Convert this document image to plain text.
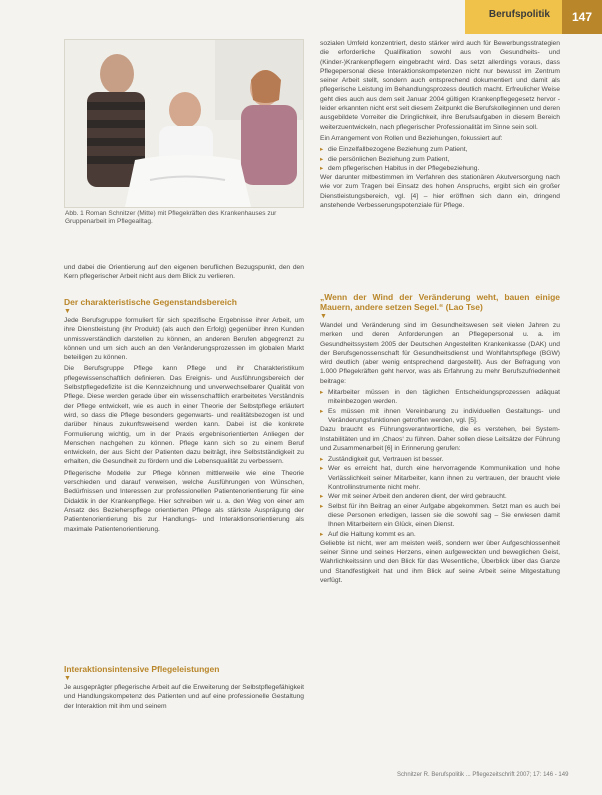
Berufspolitik	147
Abb. 1 Roman Schnitzer (Mitte) mit Pflegekräften des Krankenhauses zur Gruppenarbeit im Pflegealltag.

und dabei die Orientierung auf den eigenen beruflichen Bezugspunkt, den den Kern pflegerischer Arbeit nicht aus dem Blick zu verlieren.

Der charakteristische Gegenstandsbereich
▼

Jede Berufsgruppe formuliert für sich spezifische Ergebnisse ihrer Arbeit, um ihre Dienstleistung (ihr Produkt) (als auch den Erfolg) gegenüber ihren Kunden unmissverständlich darstellen zu können, an anderen Berufen abgegrenzt zu können und um sich auch an den Veränderungsprozessen im globalen Markt beteiligen zu können.

Die Berufsgruppe Pflege kann Pflege und ihr Charakteristikum pflegewissenschaftlich definieren. Das Ereignis- und Ausführungsbereich der Selbstpflegedefizite ist die Kennzeichnung und unverwechselbarer Qualität von Pflege. Diese werden gerade über ein wissenschaftlich erarbeitetes Verständnis der Pflege entwickelt, wie es auch in einer Theorie der Selbstpflege erläutert wird, so dass die Pflege besonders gegenwarts- und realitätsbezogen ist und darüber hinaus zukunftsweisend werden kann. Dabei ist die konkrete Formulierung wichtig, um in der Praxis ergebnisorientierten Anliegen der Menschen nachgehen zu können. Pflege kann sich so zu einem Beruf entwickeln, der aus Sicht der Patienten dazu beiträgt, ihre Selbstständigkeit zu erhalten, die Gesundheit zu fördern und die Lebensqualität zu verbessern.

Pflegerische Modelle zur Pflege können mittlerweile wie eine Theorie verschieden und darauf verweisen, welche Ausführungen von Wünschen, Bedürfnissen und Interessen zur professionellen Patientenorientierung für eine Didaktik in der Krankenpflege. Hier schreiben wir u. a. den Weg von einer am Ansatz des Bezieherspflege orientierten Pflege als stärkste Ausprägung der Patientenorientierung bis zur Handlungs- und Interaktionsorientierung als maximale Patientenorientierung.

Interaktionsintensive Pflegeleistungen
▼

Je ausgeprägter pflegerische Arbeit auf die Erweiterung der Selbstpflegefähigkeit und Handlungskompetenz des Patienten und auf eine professionelle Gestaltung der Interaktion mit ihm und seinem

sozialen Umfeld konzentriert, desto stärker wird auch für Bewerbungsstrategien die erforderliche Qualifikation sowohl aus von Gesundheits- und (Kinder-)Krankenpflegern eingebracht wird. Das setzt allerdings voraus, dass Pflegepersonal diese Interaktionskompetenzen nicht nur bewusst im Zentrum seiner Arbeit stellt, sondern auch entsprechend dokumentiert und damit als pflegerische Leistung im Behandlungsprozess deutlich macht. Erfreulicher Weise geht dies auch aus dem seit Januar 2004 gültigen Krankenpflegegesetz hervor - leider erkannten nicht erst seit diesem Zeitpunkt die Berufskolleginnen und deren ausgebildete Vorreiter die Dringlichkeit, ihre Berufsaufgaben in diesem Bereich weiterzuentwickeln, nach pflegerischer Professionalität im Sinne sein soll.

Ein Arrangement von Rollen und Beziehungen, fokussiert auf:

▸ die Einzelfallbezogene Beziehung zum Patient,
▸ die persönlichen Beziehung zum Patient,
▸ dem pflegerischen Habitus in der Pflegebeziehung.

Wer darunter mitbestimmen im Verfahren des stationären Akutversorgung nach wie vor zum Tragen bei Einsatz des hohen Anspruchs, ergibt sich ein großer Dienstleistungsbereich, vgl. [4] – hier eröffnen sich dann ein, dringend anstehende Verbesserungspotenziale für Pflege.

„Wenn der Wind der Veränderung weht, bauen einige Mauern, andere setzen Segel.“ (Lao Tse)
▼

Wandel und Veränderung sind im Gesundheitswesen seit vielen Jahren zu merken und deren Anforderungen an Pflegepersonal u. a. im Gesundheitssystem 2005 der Deutschen Angestellten Krankenkasse (DAK) und der Berufsgenossenschaft für Gesundheitsdienst und Wohlfahrtspflege (BGW) wird deutlich (aber wenig entsprechend dargestellt). Aus der Befragung von 1.000 Pflegekräften geht hervor, was als Erfahrung zu mehr Berufszufriedenheit beitrage:

▸ Mitarbeiter müssen in den täglichen Entscheidungsprozessen adäquat miteinbezogen werden.
▸ Es müssen mit ihnen Vereinbarung zu individuellen Gestaltungs- und Veränderungsfunktionen getroffen werden, vgl. [5].

Dazu braucht es Führungsverantwortliche, die es verstehen, bei System-Instabilitäten und im ‚Chaos‘ zu führen. Daher sollen diese Leitsätze der Führung und Zusammenarbeit [6] in Erinnerung gerufen:

▸ Zuständigkeit gut, Vertrauen ist besser.
▸ Wer es erreicht hat, durch eine hervorragende Kommunikation und hohe Verlässlichkeit seiner Mitarbeiter, kann ihnen zu vertrauen, der braucht viele Kontrollinstrumente nicht mehr.
▸ Wer mit seiner Arbeit den anderen dient, der wird gebraucht.
▸ Selbst für ihn Beitrag an einer Aufgabe abgekommen. Setzt man es auch bei diese Personen erledigen, lassen sie die sowohl sag – Sie erwiesen damit Ihnen Mitarbeitern ein Glück, einen Dienst.
▸ Auf die Haltung kommt es an.

Geliebte ist nicht, wer am meisten weiß, sondern wer über Aufgeschlossenheit seiner Sinne und seines Herzens, einen aufgeweckten und beweglichen Geist, Wahrlichkeitssinn und den Blick für das Wesentliche, Überblick über das Ganze und Standfestigkeit hat und ihm Blick auf seine Arbeit seine Mitgestaltung verfügt.

Schnitzer R. Berufspolitik ... Pflegezeitschrift 2007; 17: 146 - 149
